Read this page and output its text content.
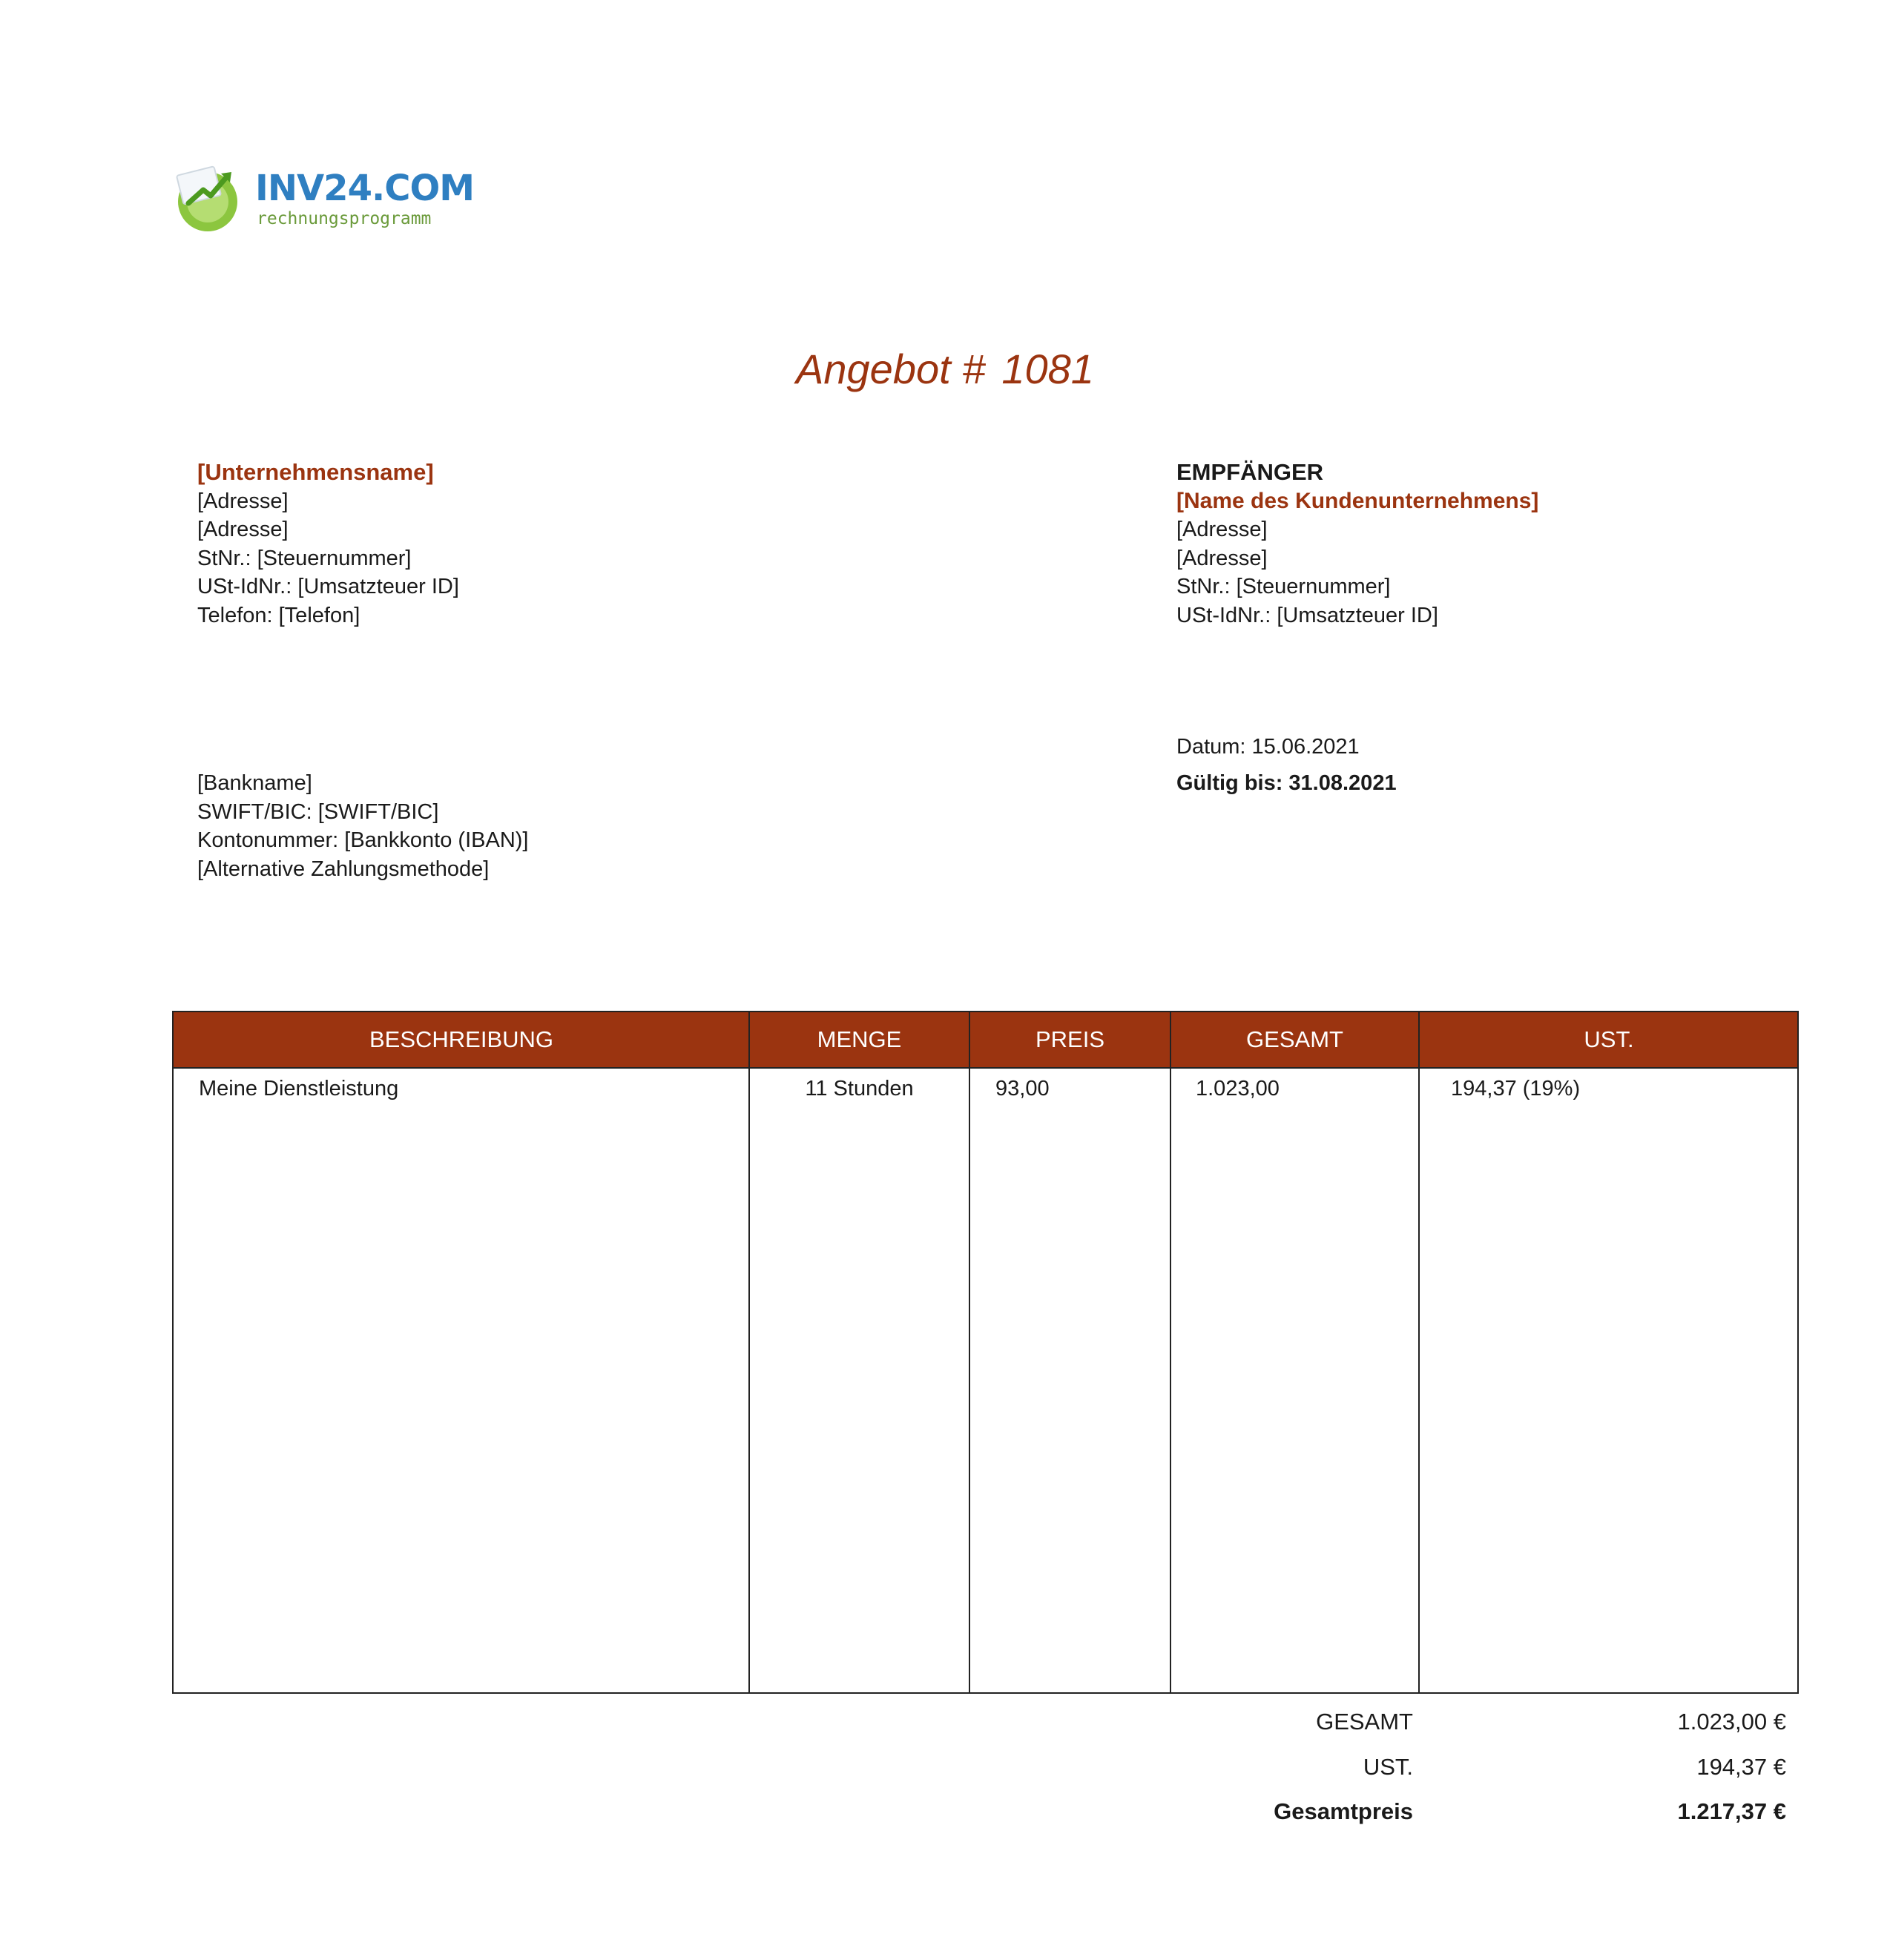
INV24.COM
rechnungsprogramm
Angebot # 1081
[Unternehmensname]
[Adresse]
[Adresse]
StNr.: [Steuernummer]
USt-IdNr.: [Umsatzteuer ID]
Telefon: [Telefon]
EMPFÄNGER
[Name des Kundenunternehmens]
[Adresse]
[Adresse]
StNr.: [Steuernummer]
USt-IdNr.: [Umsatzteuer ID]
[Bankname]
SWIFT/BIC: [SWIFT/BIC]
Kontonummer: [Bankkonto (IBAN)]
[Alternative Zahlungsmethode]
Datum: 15.06.2021
Gültig bis: 31.08.2021
BESCHREIBUNG	MENGE	PREIS	GESAMT	UST.
Meine Dienstleistung	11 Stunden	93,00	1.023,00	194,37 (19%)
GESAMT	1.023,00 €
UST.	194,37 €
Gesamtpreis	1.217,37 €
